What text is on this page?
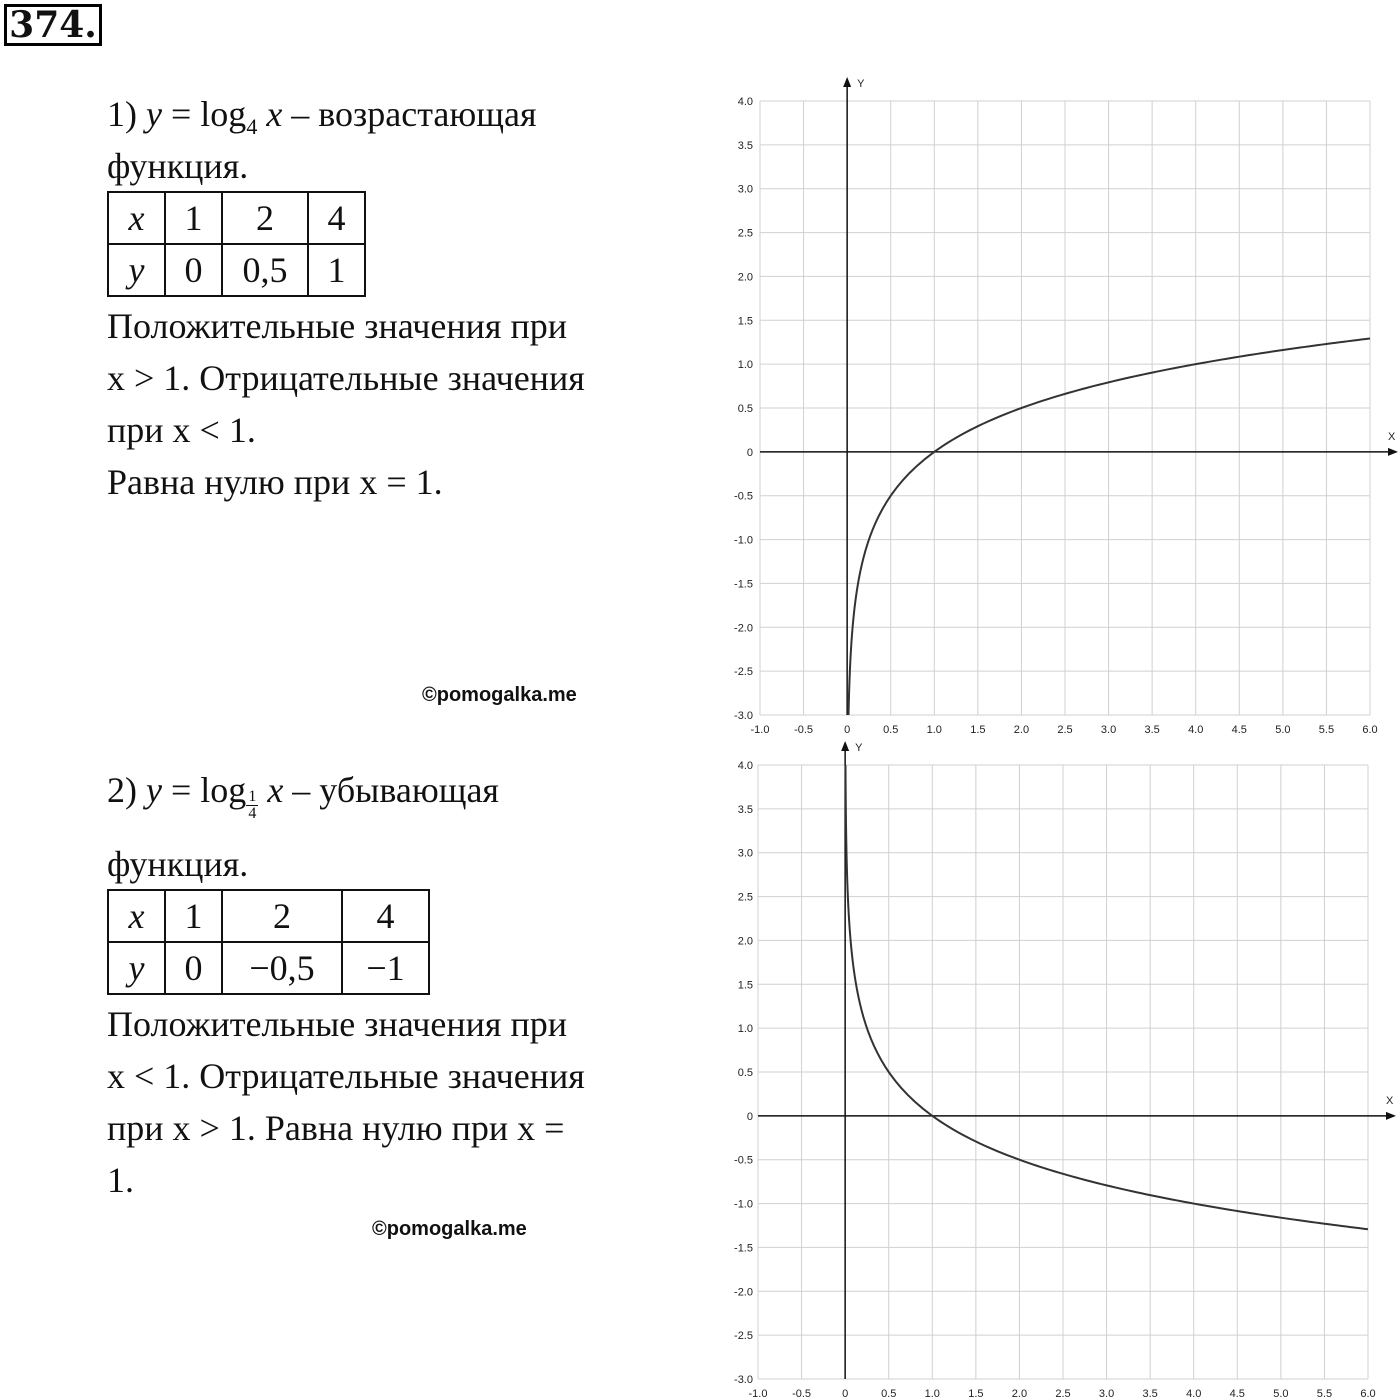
374.
1) $y = \log_4 x$ – возрастающая
функция.
x	1	2	4
y	0	0,5	1
Положительные значения при
x > 1. Отрицательные значения
при x < 1.
Равна нулю при x = 1.
©pomogalka.me
2) $y = \log \frac{1}{4}$ x – убывающая
функция.
x	1	2	4
y	0	−0,5	−1
Положительные значения при
x < 1. Отрицательные значения
при x > 1. Равна нулю при x =
1.
©pomogalka.me
Y
X
-1.0 -0.5	0	0.5	1.0	1.5	2.0	2.5	3.0	3.5	4.0	4.5	5.0	5.5	6.0
-3.0
-2.5
-2.0
-1.5
-1.0
-0.5
0
0.5
1.0
1.5
2.0
2.5
3.0
3.5
4.0
Y
X
-1.0 -0.5	0	0.5	1.0	1.5	2.0	2.5	3.0	3.5	4.0	4.5	5.0	5.5	6.0
-3.0
-2.5
-2.0
-1.5
-1.0
-0.5
0
0.5
1.0
1.5
2.0
2.5
3.0
3.5
4.0
